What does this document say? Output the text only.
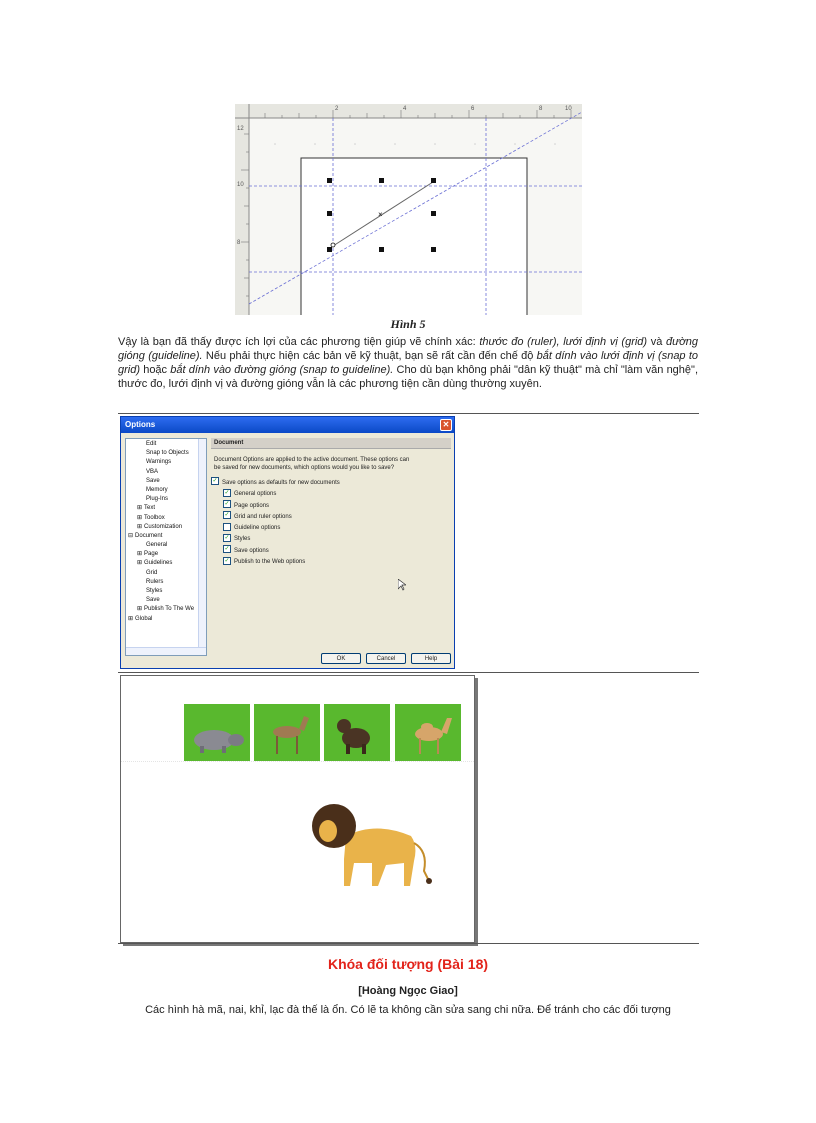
2	4	6	8	10
12
10
8
×
Hình 5
Vậy là bạn đã thấy được ích lợi của các phương tiện giúp vẽ chính xác: thước đo (ruler), lưới định vị (grid) và đường gióng (guideline). Nếu phải thực hiện các bản vẽ kỹ thuật, bạn sẽ rất cần đến chế độ bắt dính vào lưới định vị (snap to grid) hoặc bắt dính vào đường gióng (snap to guideline). Cho dù bạn không phải "dân kỹ thuật" mà chỉ "làm văn nghệ", thước đo, lưới định vị và đường gióng vẫn là các phương tiện cần dùng thường xuyên.
Options	✕
Edit
Snap to Objects
Warnings
VBA
Save
Memory
Plug-Ins
⊞ Text
⊞ Toolbox
⊞ Customization
⊟ Document
General
⊞ Page
⊞ Guidelines
Grid
Rulers
Styles
Save
⊞ Publish To The We
⊞ Global
Document
Document Options are applied to the active document. These options can be saved for new documents, which options would you like to save?
✓ Save options as defaults for new documents
✓ General options
✓ Page options
✓ Grid and ruler options
Guideline options
✓ Styles
✓ Save options
✓ Publish to the Web options
OK	Cancel	Help
Khóa đối tượng (Bài 18)
[Hoàng Ngọc Giao]
Các hình hà mã, nai, khỉ, lạc đà thế là ổn. Có lẽ ta không cần sửa sang chi nữa. Để tránh cho các đối tượng
